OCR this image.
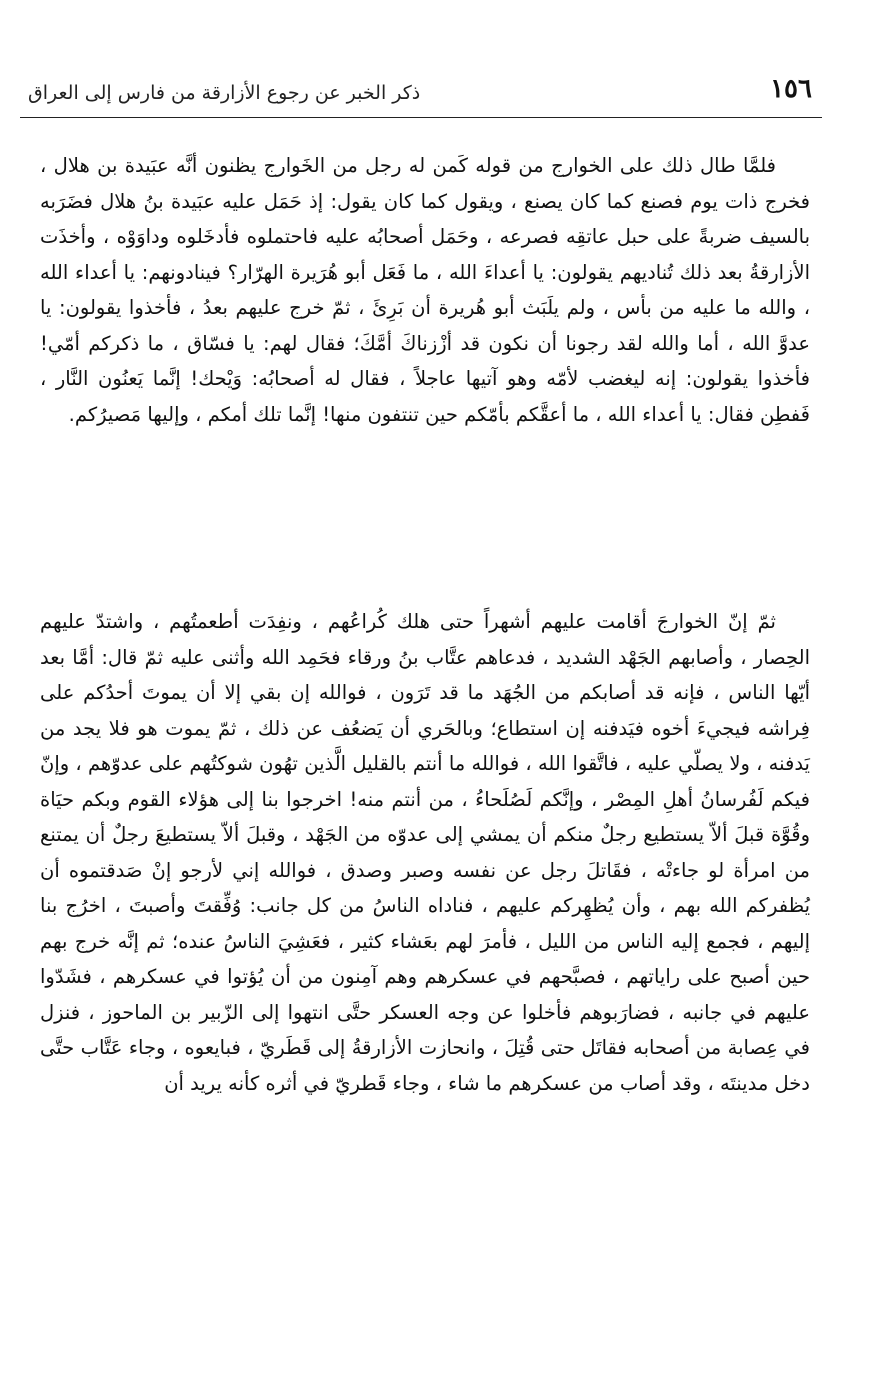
١٥٦
ذكر الخبر عن رجوع الأزارقة من فارس إلى العراق

فلمَّا طال ذلك على الخوارج من قوله كَمن له رجل من الخَوارج يظنون أنَّه عبَيدة بن هلال ، فخرج ذات يوم فصنع كما كان يصنع ، ويقول كما كان يقول: إذ حَمَل عليه عبَيدة بنُ هلال فضَرَبه بالسيف ضربةً على حبل عاتقِه فصرعه ، وحَمَل أصحابُه عليه فاحتملوه فأدخَلوه وداوَوْه ، وأخذَت الأزارقةُ بعد ذلك تُناديهم يقولون: يا أعداءَ الله ، ما فَعَل أبو هُرَيرة الهرّار؟ فينادونهم: يا أعداء الله ، والله ما عليه من بأس ، ولم يلَبَث أبو هُريرة أن بَرِئَ ، ثمّ خرج عليهم بعدُ ، فأخذوا يقولون: يا عدوَّ الله ، أما والله لقد رجونا أن نكون قد أزْزناكَ أمَّكَ؛ فقال لهم: يا فسّاق ، ما ذكركم أمّي! فأخذوا يقولون: إنه ليغضب لأمّه وهو آتيها عاجلاً ، فقال له أصحابُه: وَيْحك! إنَّما يَعنُون النَّار ، فَفطِن فقال: يا أعداء الله ، ما أعقَّكم بأمّكم حين تنتفون منها! إنَّما تلك أمكم ، وإليها مَصيرُكم.

ثمّ إنّ الخوارجَ أقامت عليهم أشهراً حتى هلك كُراعُهم ، ونفِدَت أطعمتُهم ، واشتدّ عليهم الحِصار ، وأصابهم الجَهْد الشديد ، فدعاهم عتَّاب بنُ ورقاء فحَمِد الله وأثنى عليه ثمّ قال: أمَّا بعد أيّها الناس ، فإنه قد أصابكم من الجُهَد ما قد تَرَون ، فوالله إن بقي إلا أن يموتَ أحدُكم على فِراشه فيجيءَ أخوه فيَدفنه إن استطاع؛ وبالحَري أن يَضعُف عن ذلك ، ثمّ يموت هو فلا يجد من يَدفنه ، ولا يصلّي عليه ، فاتَّقوا الله ، فوالله ما أنتم بالقليل الَّذين تهُون شوكتُهم على عدوّهم ، وإنّ فيكم لَفُرسانُ أهلِ المِصْر ، وإنَّكم لَصُلَحاءُ ، من أنتم منه! اخرجوا بنا إلى هؤلاء القوم وبكم حيَاة وقُوَّة قبلَ ألاّ يستطيع رجلٌ منكم أن يمشي إلى عدوّه من الجَهْد ، وقبلَ ألاّ يستطيعَ رجلٌ أن يمتنع من امرأة لو جاءتْه ، فقَاتلَ رجل عن نفسه وصبر وصدق ، فوالله إني لأرجو إنْ صَدقتموه أن يُظفركم الله بهم ، وأن يُظهِركم عليهم ، فناداه الناسُ من كل جانب: وُفِّقتَ وأصبتَ ، اخرُج بنا إليهم ، فجمع إليه الناس من الليل ، فأمرَ لهم بعَشاء كثير ، فعَشِيَ الناسُ عنده؛ ثم إنَّه خرج بهم حين أصبح على راياتهم ، فصبَّحهم في عسكرهم وهم آمِنون من أن يُؤتوا في عسكرهم ، فشَدّوا عليهم في جانبه ، فضارَبوهم فأخلوا عن وجه العسكر حتَّى انتهوا إلى الزّبير بن الماحوز ، فنزل في عِصابة من أصحابه فقاتَل حتى قُتِلَ ، وانحازت الأزارقةُ إلى قَطَريّ ، فبايعوه ، وجاء عَتَّاب حتَّى دخل مدينتَه ، وقد أصاب من عسكرهم ما شاء ، وجاء قَطريّ في أثره كأنه يريد أن
